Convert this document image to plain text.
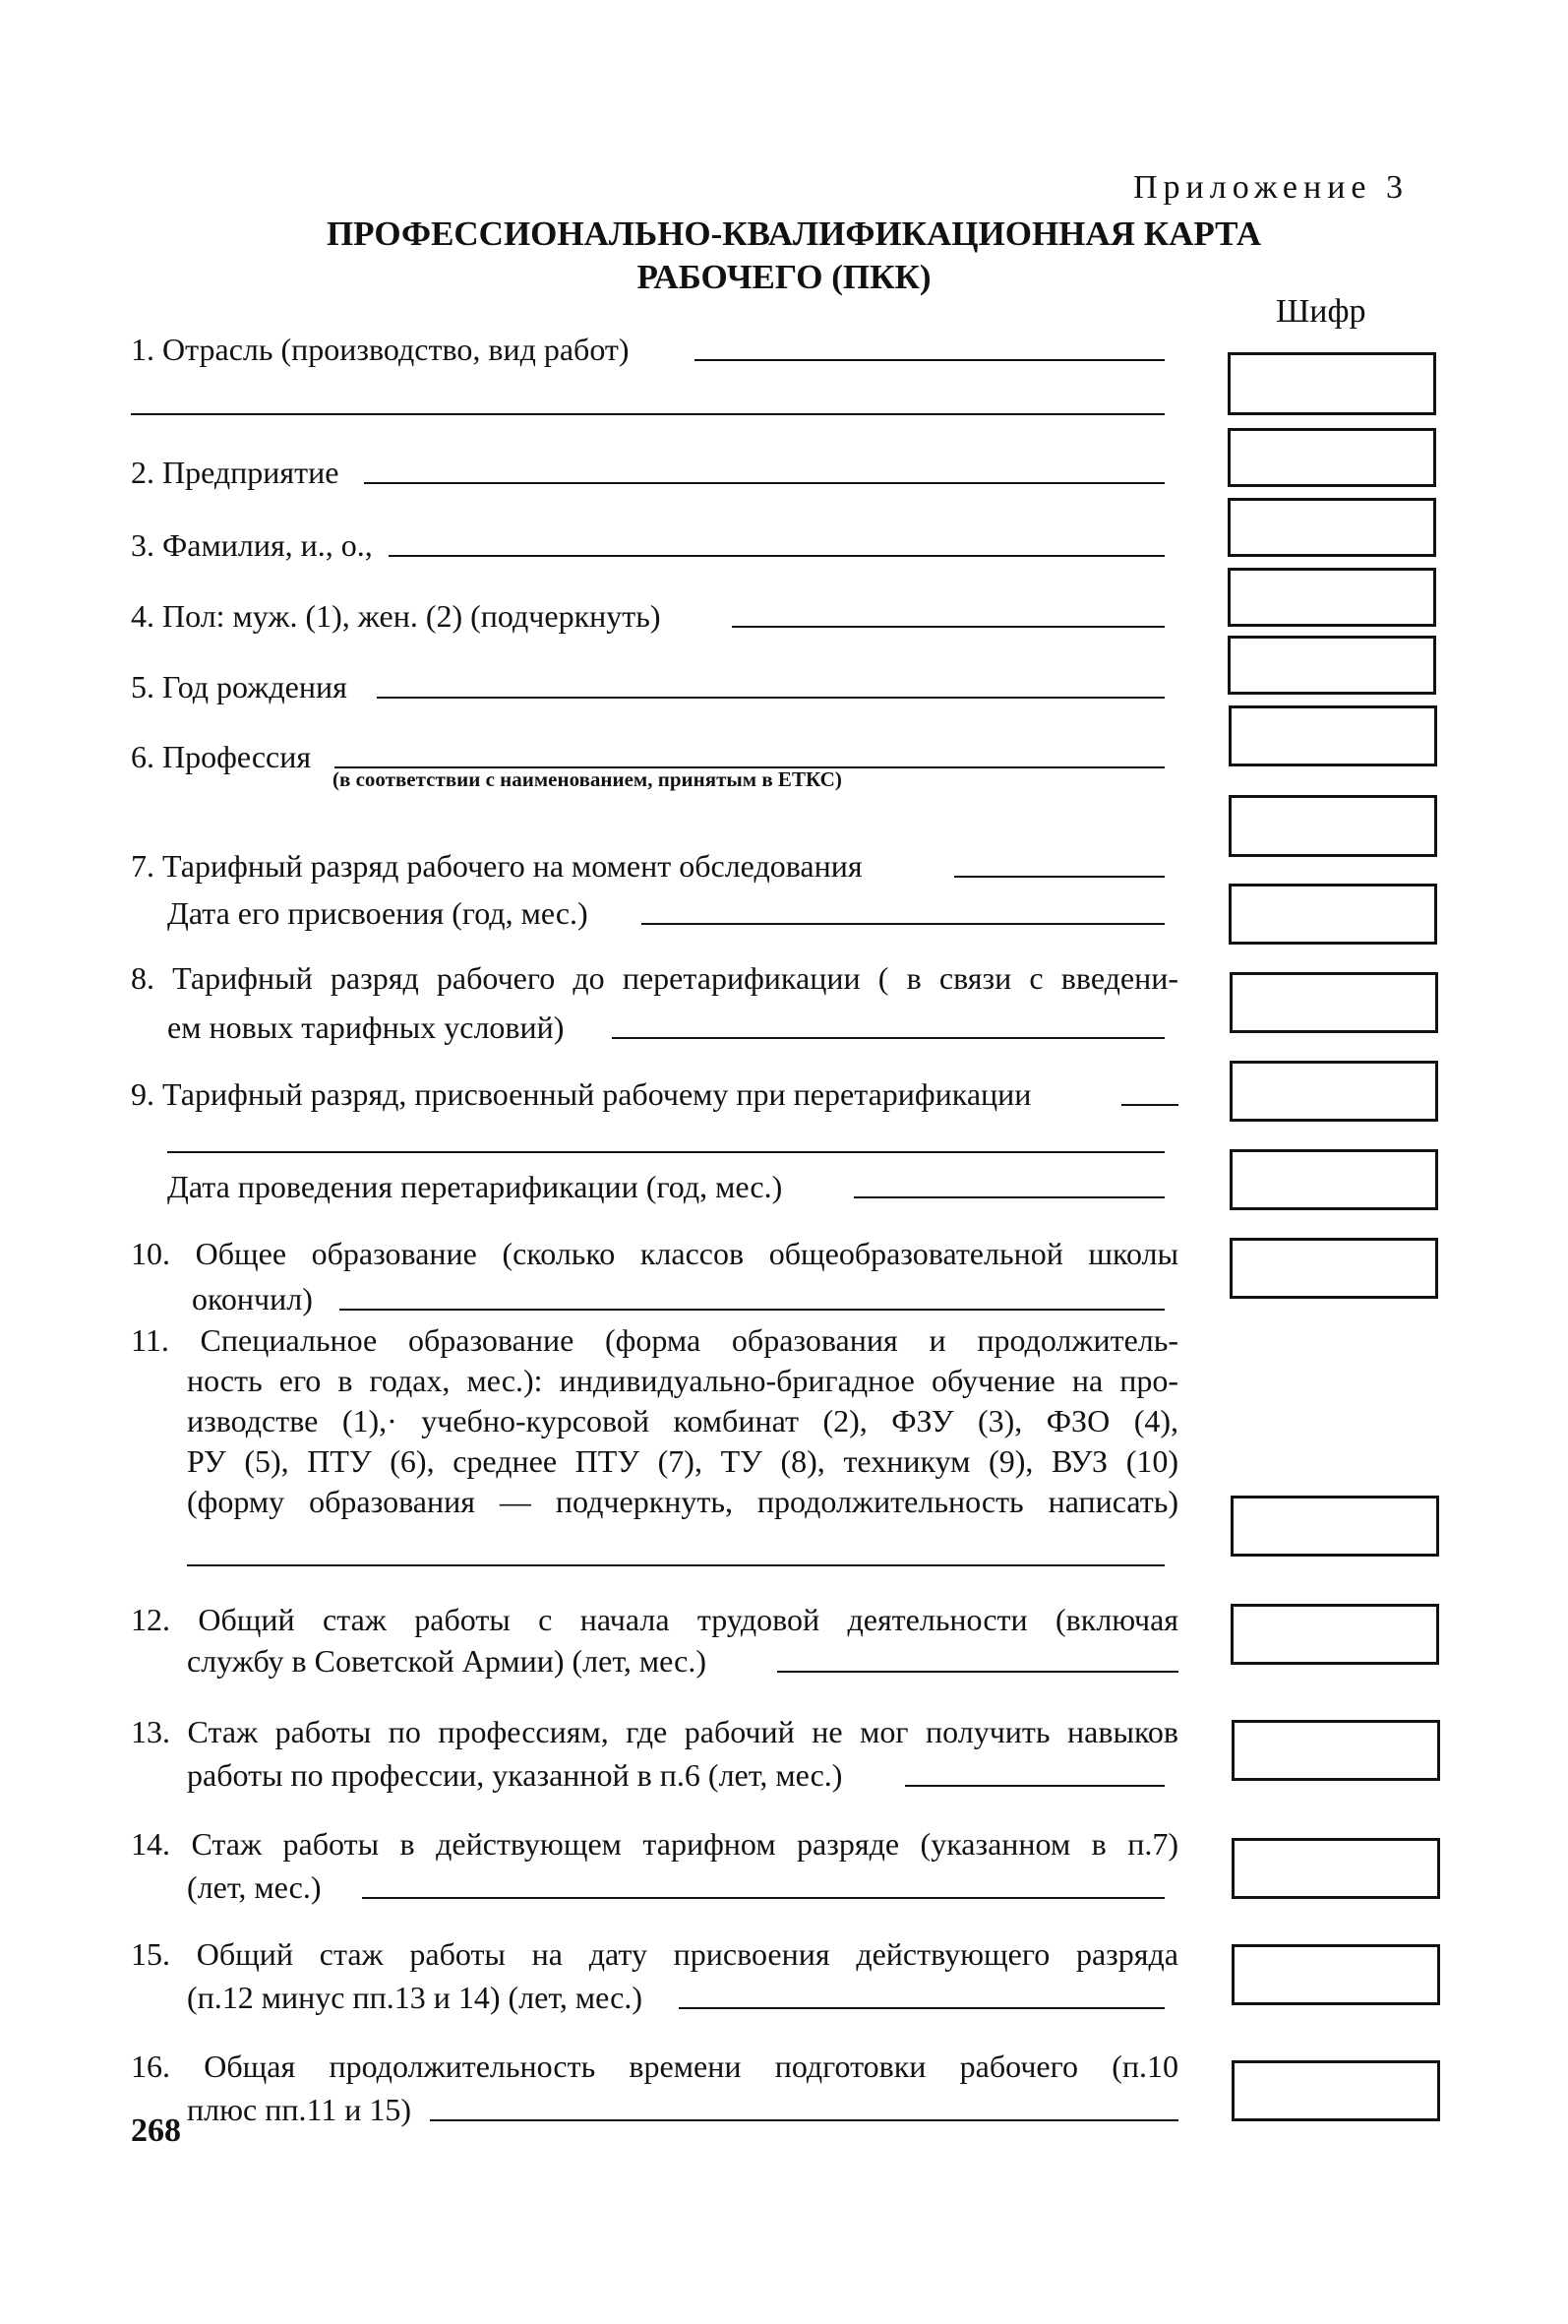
Приложение 3
ПРОФЕССИОНАЛЬНО-КВАЛИФИКАЦИОННАЯ КАРТА
РАБОЧЕГО (ПКК)
Шифр
1. Отрасль (производство, вид работ)
2. Предприятие
3. Фамилия, и., о.,
4. Пол: муж. (1), жен. (2) (подчеркнуть)
5. Год рождения
6. Профессия
(в соответствии с наименованием, принятым в ЕТКС)
7. Тарифный разряд рабочего на момент обследования
Дата его присвоения (год, мес.)
8. Тарифный разряд рабочего до перетарификации ( в связи с введени-
ем новых тарифных условий)
9. Тарифный разряд, присвоенный рабочему при перетарификации
Дата проведения перетарификации (год, мес.)
10. Общее образование (сколько классов общеобразовательной школы
окончил)
11. Специальное образование (форма образования и продолжитель-
ность его в годах, мес.): индивидуально-бригадное обучение на про-
изводстве (1),· учебно-курсовой комбинат (2), ФЗУ (3), ФЗО (4),
РУ (5), ПТУ (6), среднее ПТУ (7), ТУ (8), техникум (9), ВУЗ (10)
(форму образования — подчеркнуть, продолжительность написать)
12. Общий стаж работы с начала трудовой деятельности (включая
службу в Советской Армии) (лет, мес.)
13. Стаж работы по профессиям, где рабочий не мог получить навыков
работы по профессии, указанной в п.6 (лет, мес.)
14. Стаж работы в действующем тарифном разряде (указанном в п.7)
(лет, мес.)
15. Общий стаж работы на дату присвоения действующего разряда
(п.12 минус пп.13 и 14) (лет, мес.)
16. Общая продолжительность времени подготовки рабочего (п.10
плюс пп.11 и 15)
268
